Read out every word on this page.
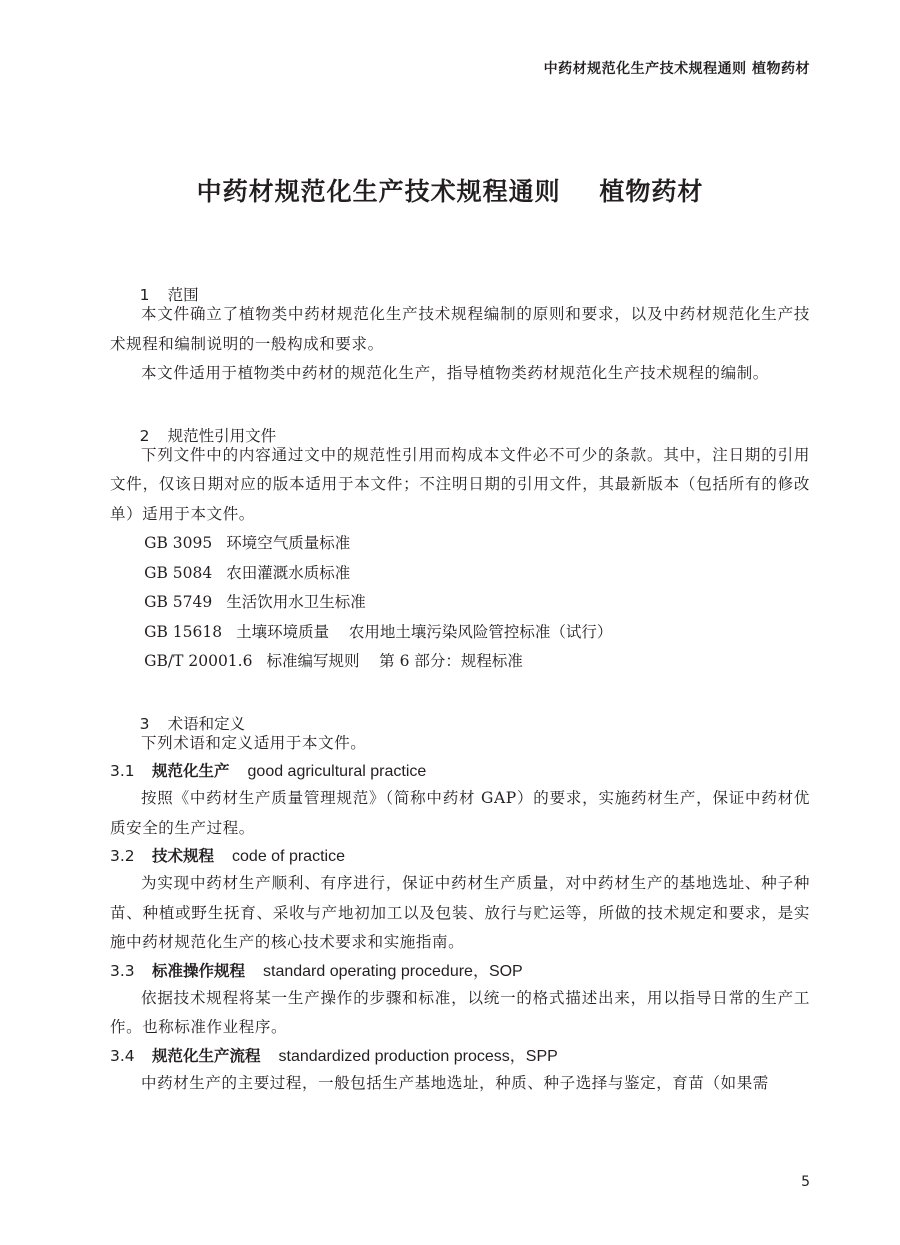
中药材规范化生产技术规程通则 植物药材
中药材规范化生产技术规程通则    植物药材

1 范围

本文件确立了植物类中药材规范化生产技术规程编制的原则和要求，以及中药材规范化生产技术规程和编制说明的一般构成和要求。

本文件适用于植物类中药材的规范化生产，指导植物类药材规范化生产技术规程的编制。

2 规范性引用文件

下列文件中的内容通过文中的规范性引用而构成本文件必不可少的条款。其中，注日期的引用文件，仅该日期对应的版本适用于本文件；不注明日期的引用文件，其最新版本（包括所有的修改单）适用于本文件。

GB 3095 环境空气质量标准
GB 5084 农田灌溉水质标准
GB 5749 生活饮用水卫生标准
GB 15618 土壤环境质量    农用地土壤污染风险管控标准（试行）
GB/T 20001.6 标准编写规则    第 6 部分：规程标准

3 术语和定义

下列术语和定义适用于本文件。

3.1 规范化生产 good agricultural practice

按照《中药材生产质量管理规范》（简称中药材 GAP）的要求，实施药材生产，保证中药材优质安全的生产过程。

3.2 技术规程 code of practice

为实现中药材生产顺利、有序进行，保证中药材生产质量，对中药材生产的基地选址、种子种苗、种植或野生抚育、采收与产地初加工以及包装、放行与贮运等，所做的技术规定和要求，是实施中药材规范化生产的核心技术要求和实施指南。

3.3 标准操作规程 standard operating procedure，SOP

依据技术规程将某一生产操作的步骤和标准，以统一的格式描述出来，用以指导日常的生产工作。也称标准作业程序。

3.4 规范化生产流程 standardized production process，SPP

中药材生产的主要过程，一般包括生产基地选址，种质、种子选择与鉴定，育苗（如果需

5
